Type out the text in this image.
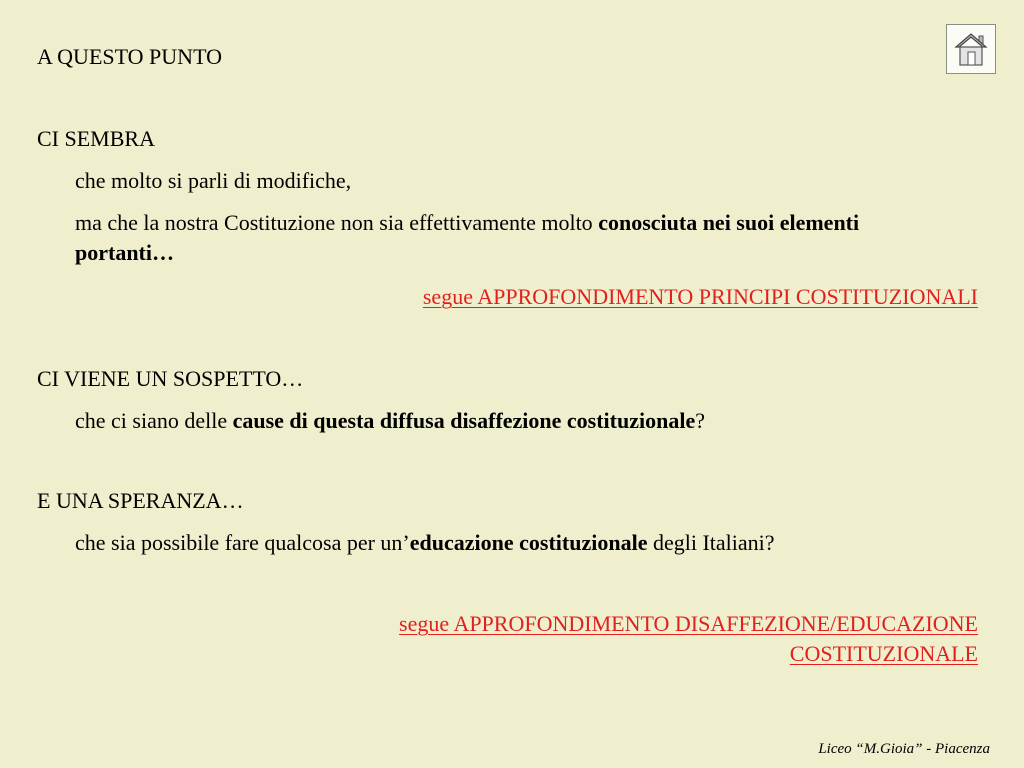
A QUESTO PUNTO
CI SEMBRA
che molto si parli di modifiche,
ma che la nostra Costituzione non sia effettivamente molto conosciuta nei suoi elementi portanti…
segue APPROFONDIMENTO PRINCIPI COSTITUZIONALI
CI VIENE UN SOSPETTO…
che ci siano delle cause di questa diffusa disaffezione costituzionale?
E UNA SPERANZA…
che sia possibile fare qualcosa per un’educazione costituzionale degli Italiani?
segue APPROFONDIMENTO DISAFFEZIONE/EDUCAZIONE
COSTITUZIONALE
Liceo “M.Gioia” - Piacenza
